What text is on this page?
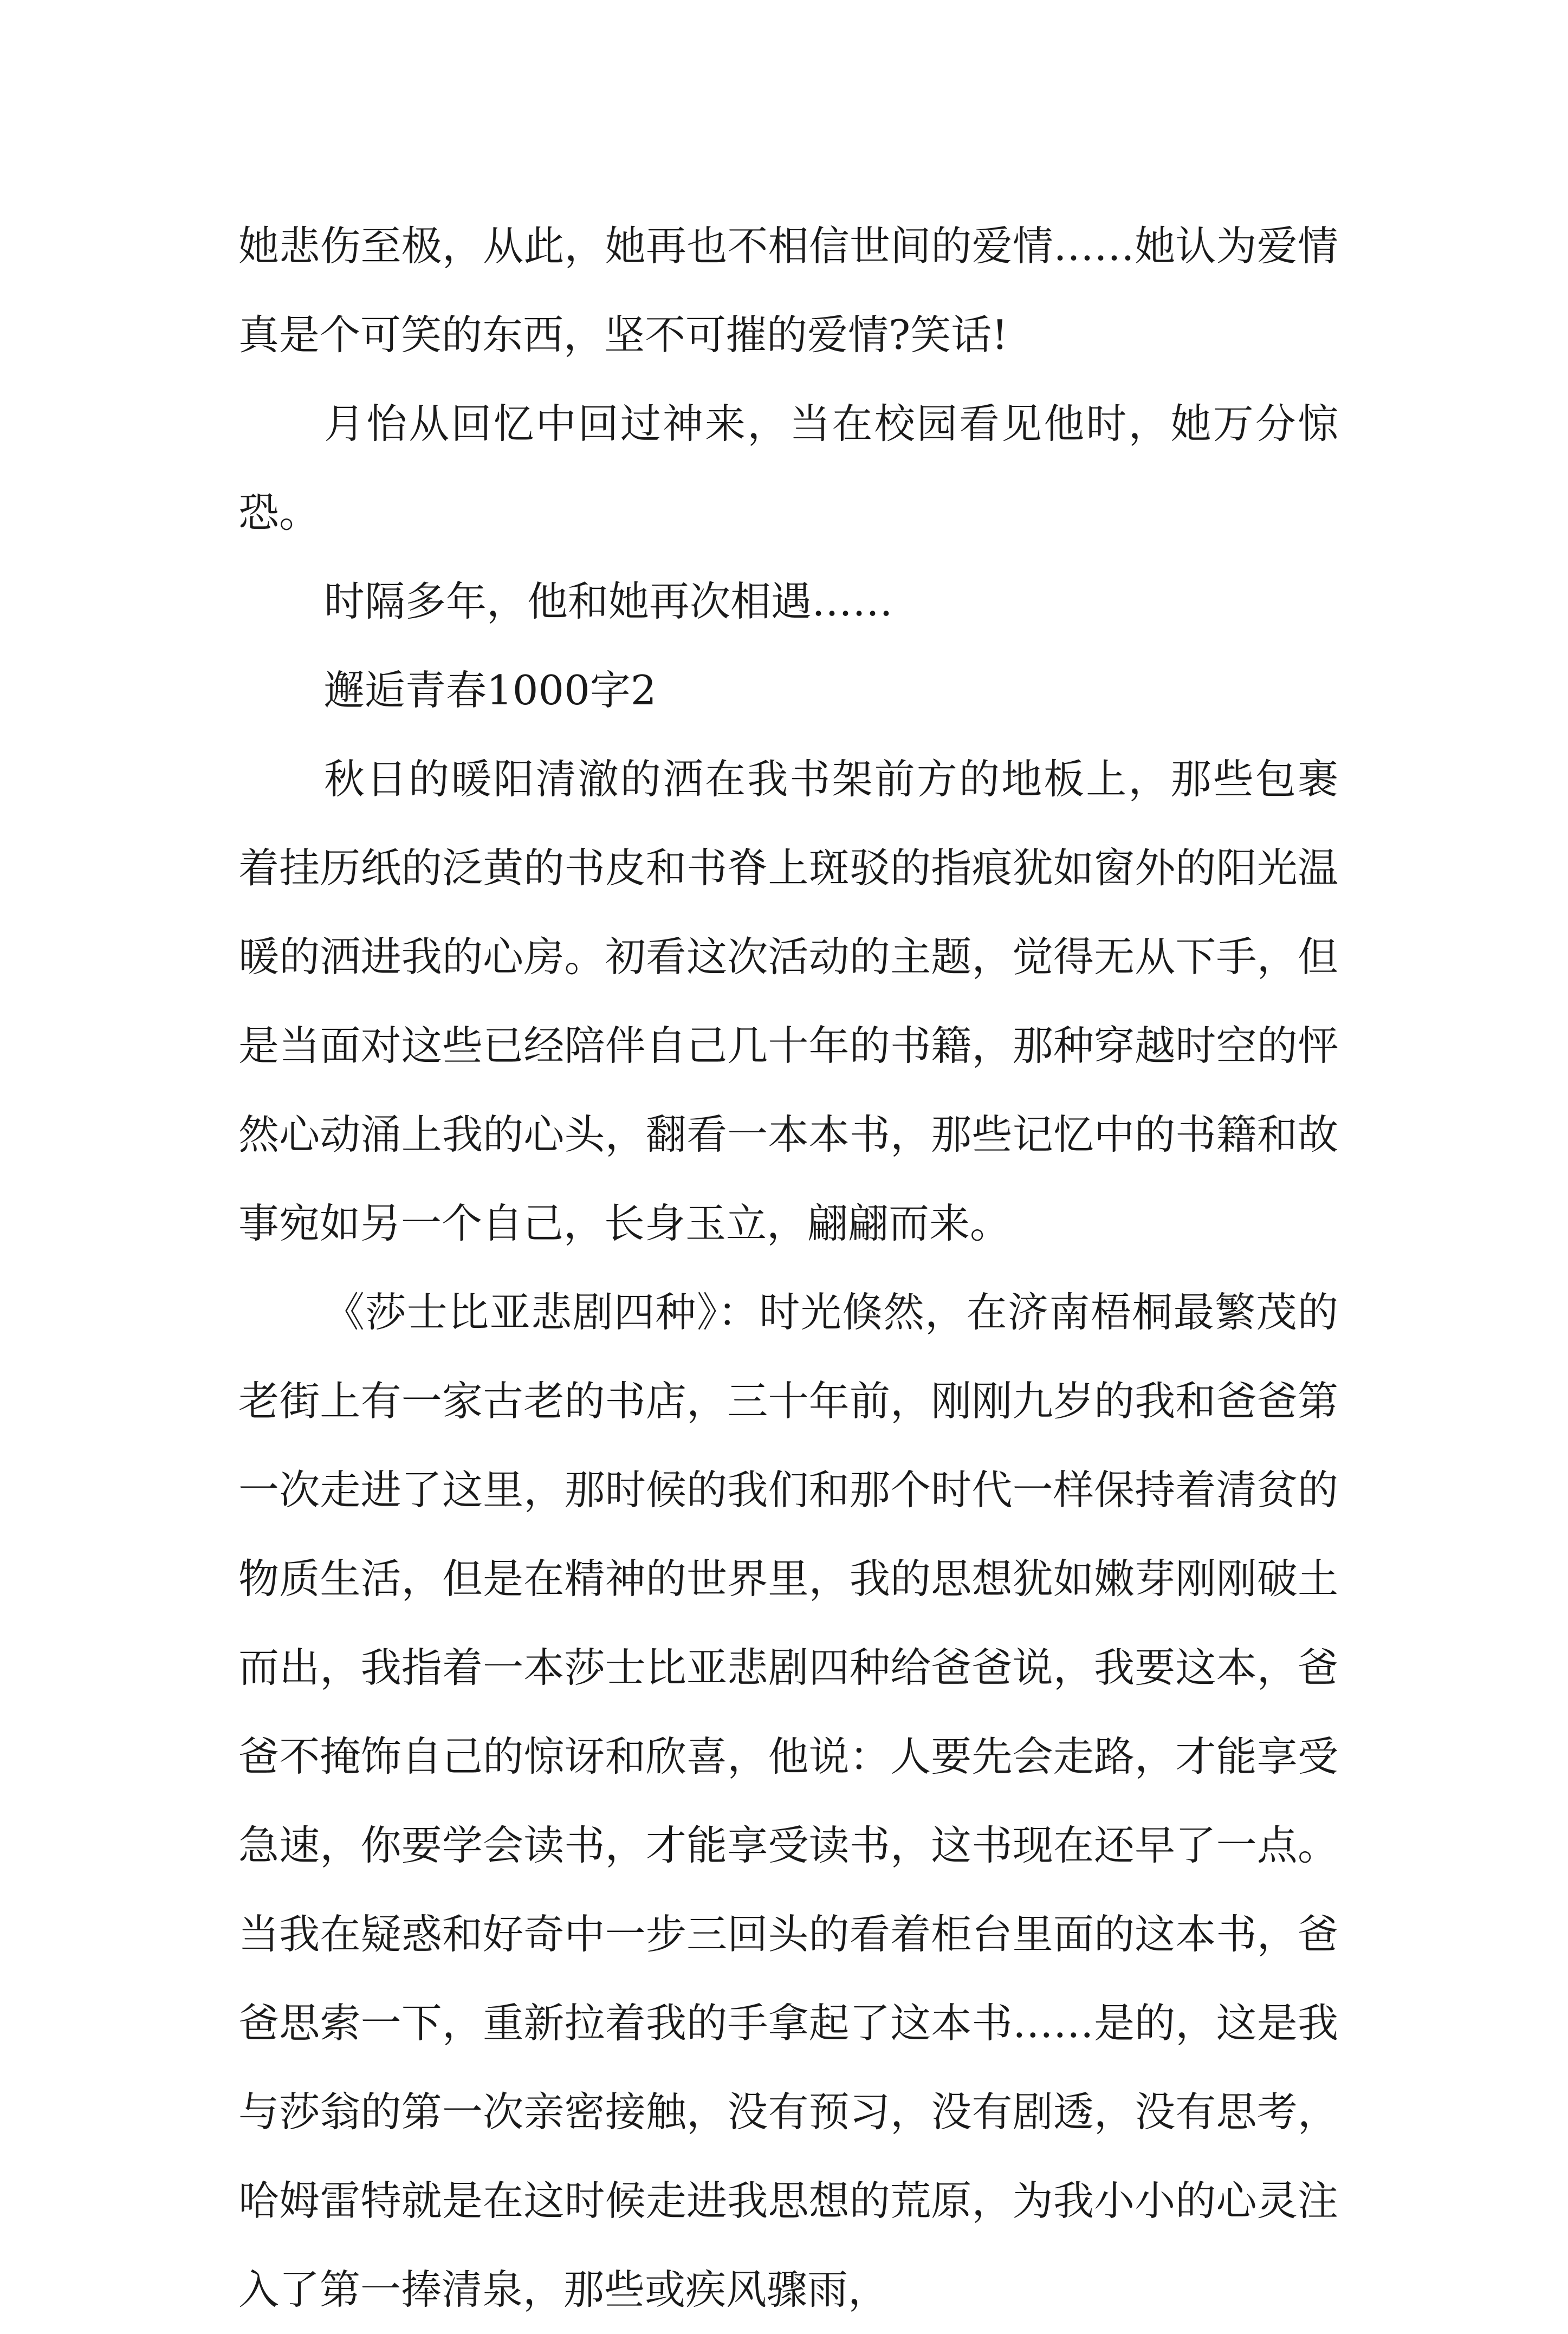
她悲伤至极，从此，她再也不相信世间的爱情……她认为爱情真是个可笑的东西，坚不可摧的爱情?笑话!

月怡从回忆中回过神来，当在校园看见他时，她万分惊恐。

时隔多年，他和她再次相遇……

邂逅青春1000字2

秋日的暖阳清澈的洒在我书架前方的地板上，那些包裹着挂历纸的泛黄的书皮和书脊上斑驳的指痕犹如窗外的阳光温暖的洒进我的心房。初看这次活动的主题，觉得无从下手，但是当面对这些已经陪伴自己几十年的书籍，那种穿越时空的怦然心动涌上我的心头，翻看一本本书，那些记忆中的书籍和故事宛如另一个自己，长身玉立，翩翩而来。

《莎士比亚悲剧四种》：时光倏然，在济南梧桐最繁茂的老街上有一家古老的书店，三十年前，刚刚九岁的我和爸爸第一次走进了这里，那时候的我们和那个时代一样保持着清贫的物质生活，但是在精神的世界里，我的思想犹如嫩芽刚刚破土而出，我指着一本莎士比亚悲剧四种给爸爸说，我要这本，爸爸不掩饰自己的惊讶和欣喜，他说：人要先会走路，才能享受急速，你要学会读书，才能享受读书，这书现在还早了一点。当我在疑惑和好奇中一步三回头的看着柜台里面的这本书，爸爸思索一下，重新拉着我的手拿起了这本书……是的，这是我与莎翁的第一次亲密接触，没有预习，没有剧透，没有思考，哈姆雷特就是在这时候走进我思想的荒原，为我小小的心灵注入了第一捧清泉，那些或疾风骤雨，
